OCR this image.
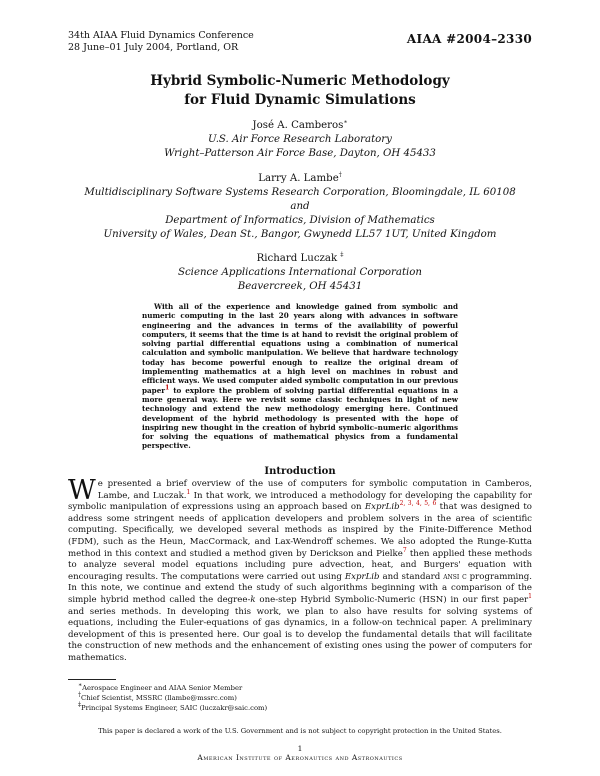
34th AIAA Fluid Dynamics Conference
28 June–01 July 2004, Portland, OR
AIAA #2004–2330
Hybrid Symbolic-Numeric Methodology
for Fluid Dynamic Simulations
José A. Camberos∗
U.S. Air Force Research Laboratory
Wright–Patterson Air Force Base, Dayton, OH 45433
Larry A. Lambe†
Multidisciplinary Software Systems Research Corporation, Bloomingdale, IL 60108
and
Department of Informatics, Division of Mathematics
University of Wales, Dean St., Bangor, Gwynedd LL57 1UT, United Kingdom
Richard Luczak ‡
Science Applications International Corporation
Beavercreek, OH 45431
With all of the experience and knowledge gained from symbolic and numeric computing in the last 20 years along with advances in software engineering and the advances in terms of the availability of powerful computers, it seems that the time is at hand to revisit the original problem of solving partial differential equations using a combination of numerical calculation and symbolic manipulation. We believe that hardware technology today has become powerful enough to realize the original dream of implementing mathematics at a high level on machines in robust and efficient ways. We used computer aided symbolic computation in our previous paper$^1$ to explore the problem of solving partial differential equations in a more general way. Here we revisit some classic techniques in light of new technology and extend the new methodology emerging here. Continued development of the hybrid methodology is presented with the hope of inspiring new thought in the creation of hybrid symbolic–numeric algorithms for solving the equations of mathematical physics from a fundamental perspective.
Introduction

We presented a brief overview of the use of computers for symbolic computation in Camberos, Lambe, and Luczak.$^1$ In that work, we introduced a methodology for developing the capability for symbolic manipulation of expressions using an approach based on ExprLib$^{2, 3, 4, 5, 6}$ that was designed to address some stringent needs of application developers and problem solvers in the area of scientific computing. Specifically, we developed several methods as inspired by the Finite-Difference Method (FDM), such as the Heun, MacCormack, and Lax-Wendroff schemes. We also adopted the Runge-Kutta method in this context and studied a method given by Derickson and Pielke$^7$ then applied these methods to analyze several model equations including pure advection, heat, and Burgers' equation with encouraging results. The computations were carried out using ExprLib and standard ansi c programming. In this note, we continue and extend the study of such algorithms beginning with a comparison of the simple hybrid method called the degree-k one-step Hybrid Symbolic-Numeric (HSN) in our first paper$^1$ and series methods. In developing this work, we plan to also have results for solving systems of equations, including the Euler-equations of gas dynamics, in a follow-on technical paper. A preliminary development of this is presented here. Our goal is to develop the fundamental details that will facilitate the construction of new methods and the enhancement of existing ones using the power of computers for mathematics.

∗Aerospace Engineer and AIAA Senior Member
†Chief Scientist, MSSRC (llambe@mssrc.com)
‡Principal Systems Engineer, SAIC (luczakr@saic.com)
This paper is declared a work of the U.S. Government and is not subject to copyright protection in the United States.
1
American Institute of Aeronautics and Astronautics
